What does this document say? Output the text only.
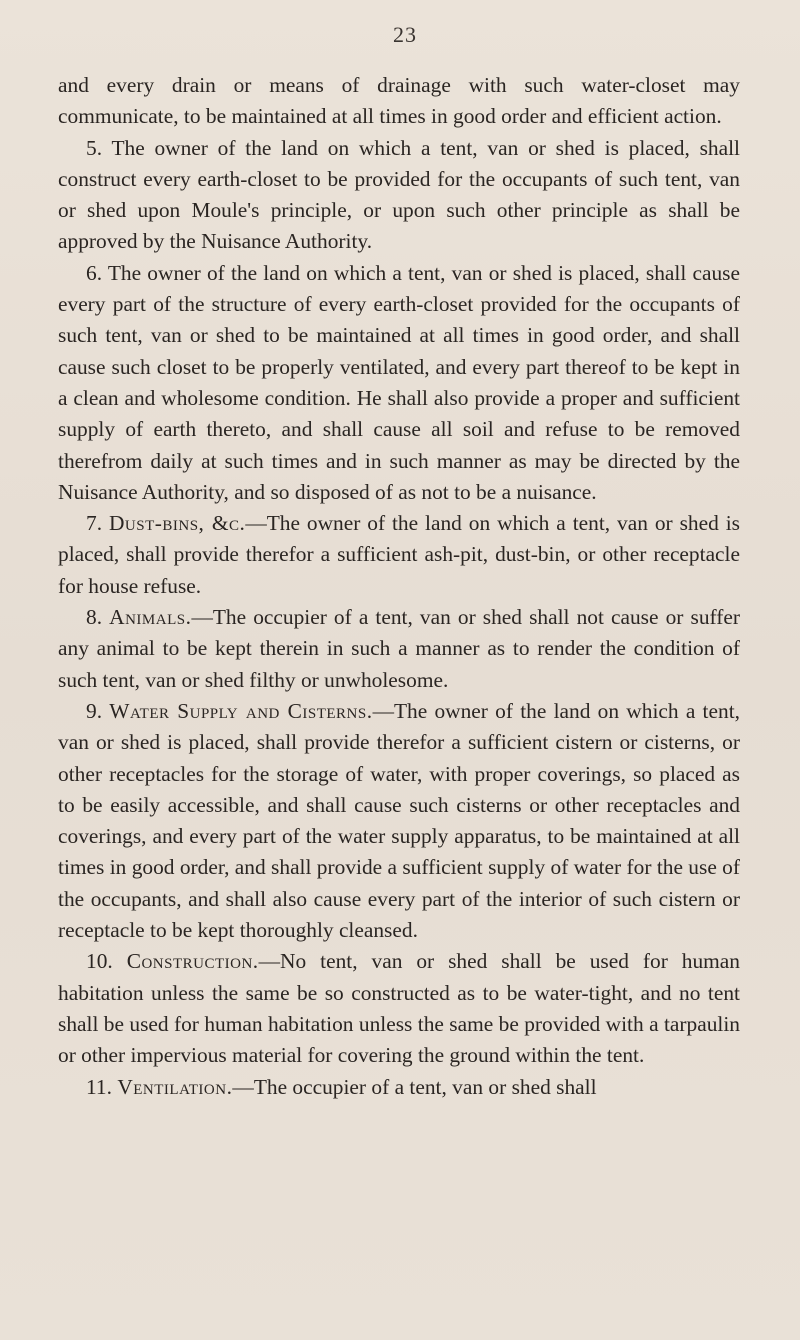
23

and every drain or means of drainage with such water-closet may communicate, to be maintained at all times in good order and efficient action.

5. The owner of the land on which a tent, van or shed is placed, shall construct every earth-closet to be provided for the occupants of such tent, van or shed upon Moule's principle, or upon such other principle as shall be approved by the Nuisance Authority.

6. The owner of the land on which a tent, van or shed is placed, shall cause every part of the structure of every earth-closet provided for the occupants of such tent, van or shed to be maintained at all times in good order, and shall cause such closet to be properly ventilated, and every part thereof to be kept in a clean and wholesome condition. He shall also provide a proper and sufficient supply of earth thereto, and shall cause all soil and refuse to be removed therefrom daily at such times and in such manner as may be directed by the Nuisance Authority, and so disposed of as not to be a nuisance.

7. Dust-bins, &c.—The owner of the land on which a tent, van or shed is placed, shall provide therefor a sufficient ash-pit, dust-bin, or other receptacle for house refuse.

8. Animals.—The occupier of a tent, van or shed shall not cause or suffer any animal to be kept therein in such a manner as to render the condition of such tent, van or shed filthy or unwholesome.

9. Water Supply and Cisterns.—The owner of the land on which a tent, van or shed is placed, shall provide therefor a sufficient cistern or cisterns, or other receptacles for the storage of water, with proper coverings, so placed as to be easily accessible, and shall cause such cisterns or other receptacles and coverings, and every part of the water supply apparatus, to be maintained at all times in good order, and shall provide a sufficient supply of water for the use of the occupants, and shall also cause every part of the interior of such cistern or receptacle to be kept thoroughly cleansed.

10. Construction.—No tent, van or shed shall be used for human habitation unless the same be so constructed as to be water-tight, and no tent shall be used for human habitation unless the same be provided with a tarpaulin or other impervious material for covering the ground within the tent.

11. Ventilation.—The occupier of a tent, van or shed shall
